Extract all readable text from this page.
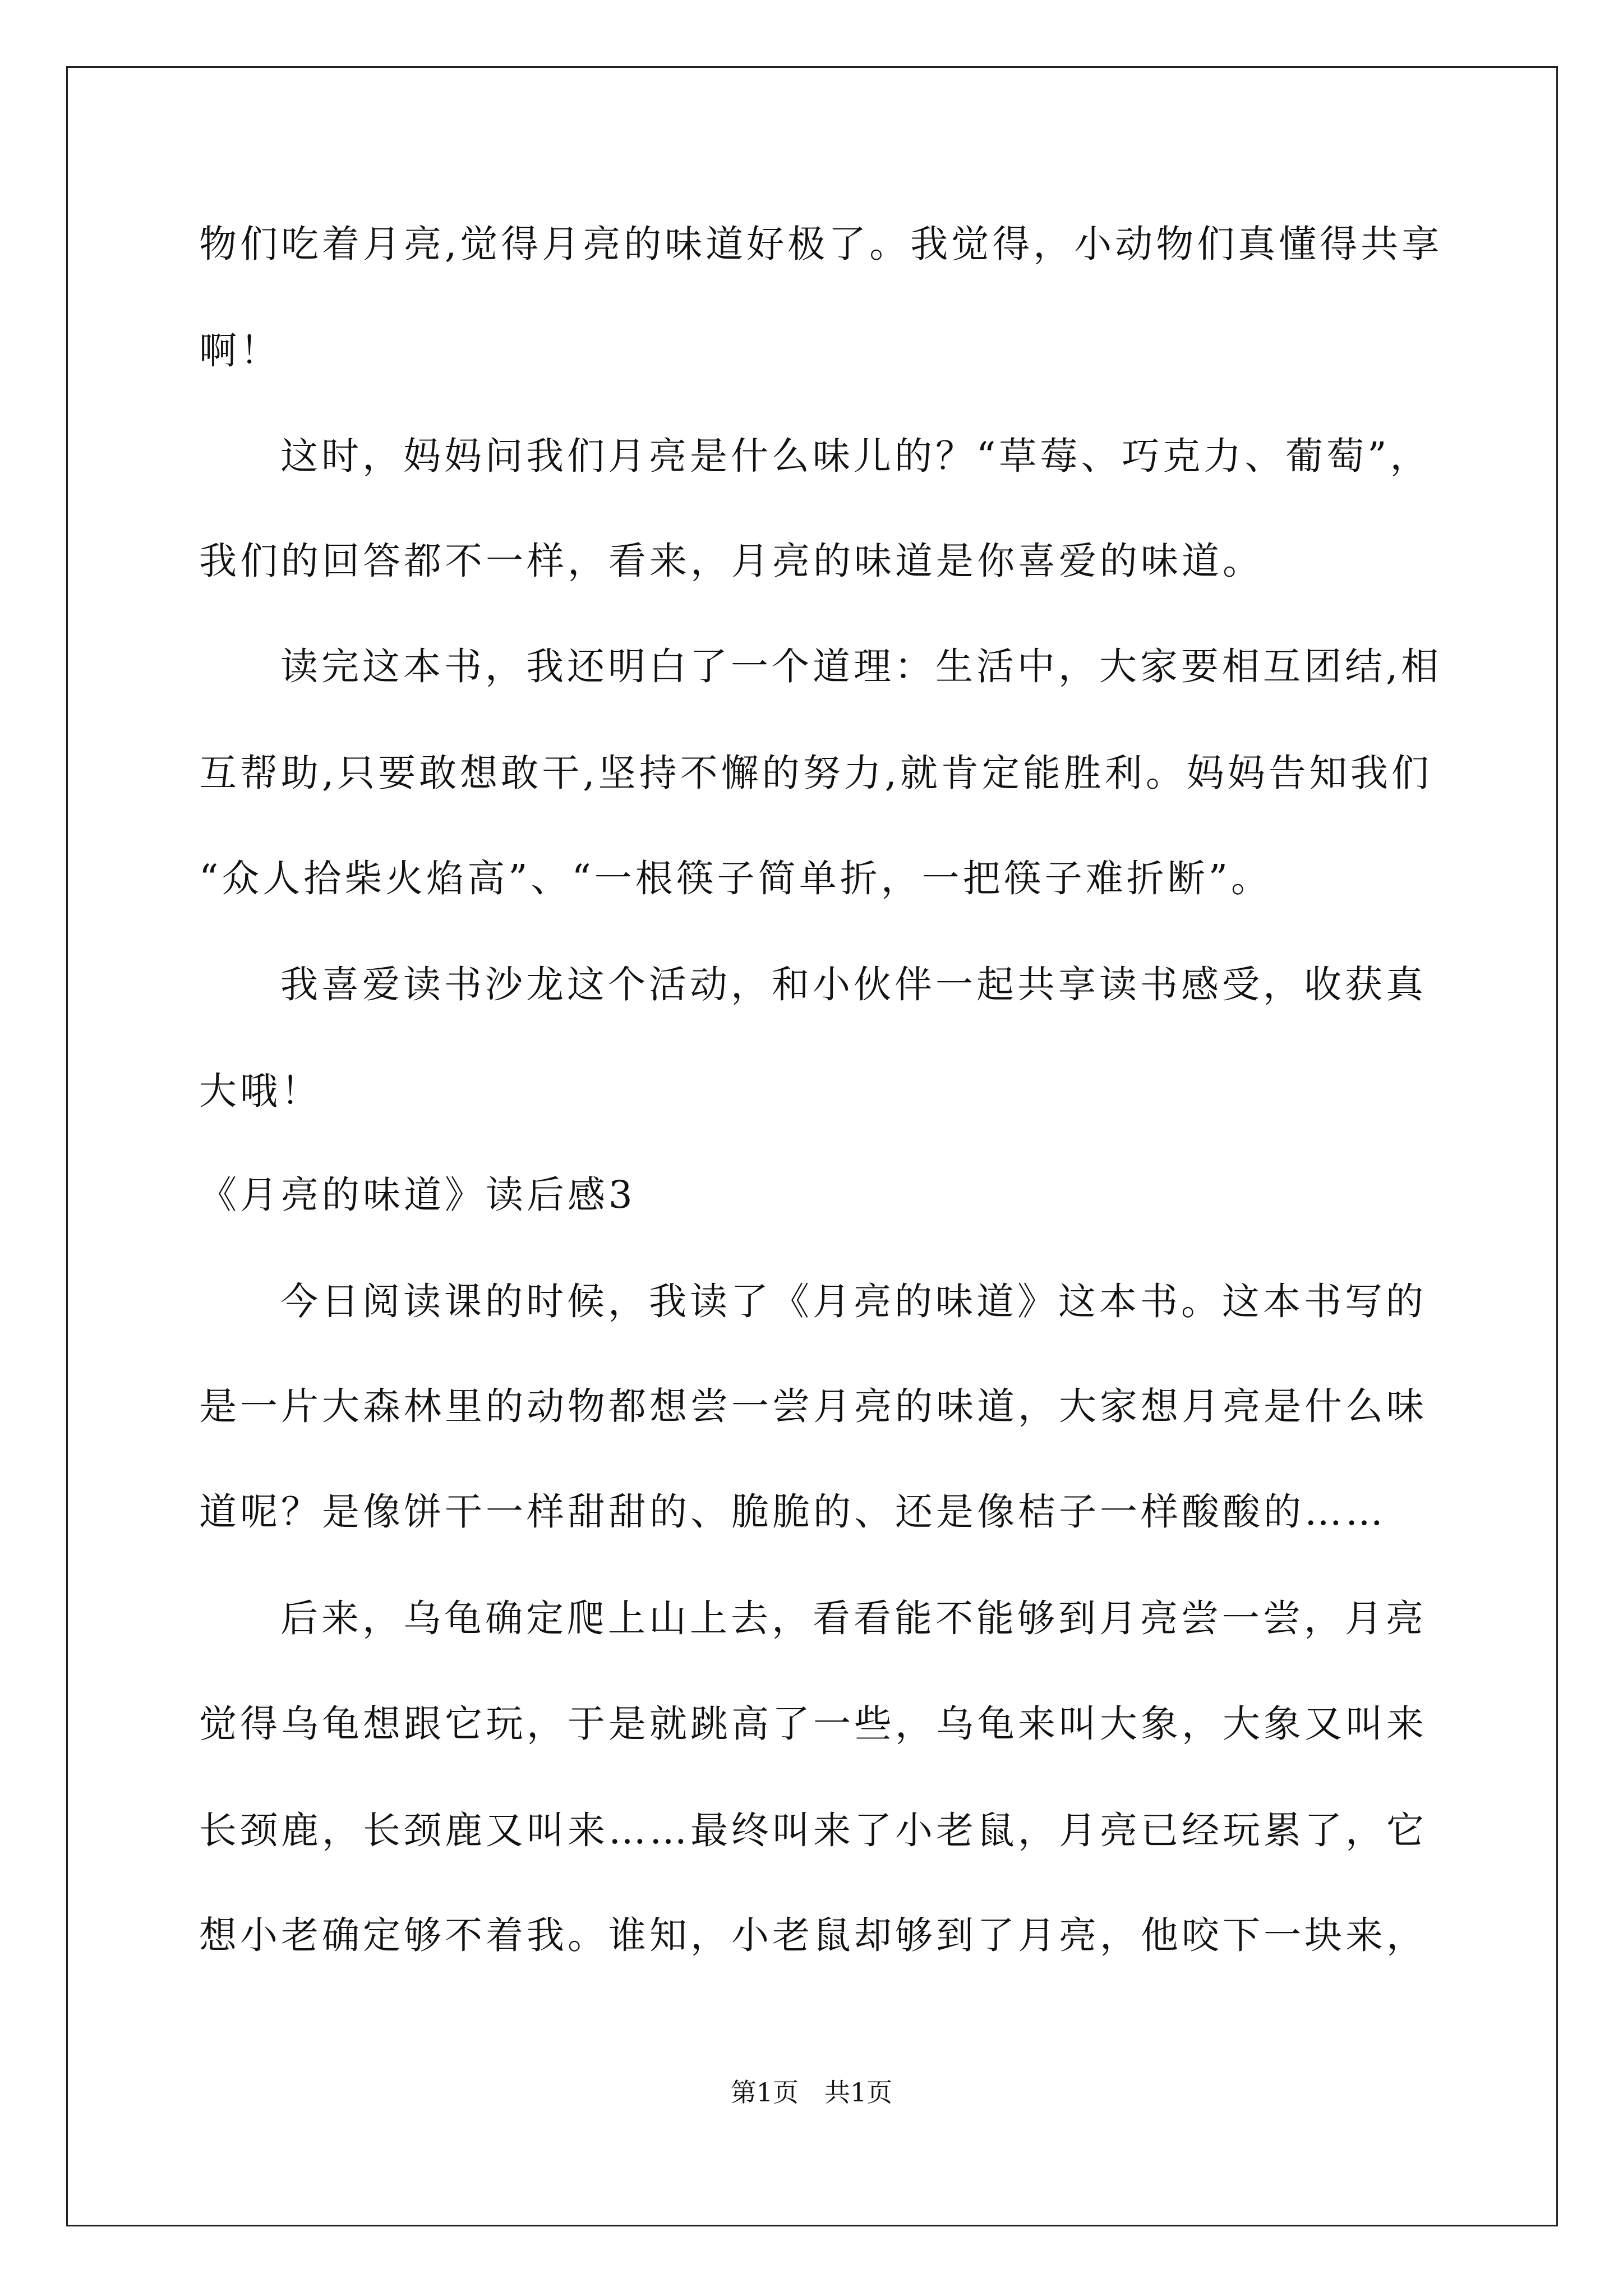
物们吃着月亮,觉得月亮的味道好极了。我觉得，小动物们真懂得共享
啊！
这时，妈妈问我们月亮是什么味儿的？“草莓、巧克力、葡萄”，
我们的回答都不一样，看来，月亮的味道是你喜爱的味道。
读完这本书，我还明白了一个道理：生活中，大家要相互团结,相
互帮助,只要敢想敢干,坚持不懈的努力,就肯定能胜利。妈妈告知我们
“众人拾柴火焰高”、“一根筷子简单折，一把筷子难折断”。
我喜爱读书沙龙这个活动，和小伙伴一起共享读书感受，收获真
大哦！
《月亮的味道》读后感3
今日阅读课的时候，我读了《月亮的味道》这本书。这本书写的
是一片大森林里的动物都想尝一尝月亮的味道，大家想月亮是什么味
道呢？是像饼干一样甜甜的、脆脆的、还是像桔子一样酸酸的……
后来，乌龟确定爬上山上去，看看能不能够到月亮尝一尝，月亮
觉得乌龟想跟它玩，于是就跳高了一些，乌龟来叫大象，大象又叫来
长颈鹿，长颈鹿又叫来……最终叫来了小老鼠，月亮已经玩累了，它
想小老确定够不着我。谁知，小老鼠却够到了月亮，他咬下一块来，
第1页　共1页
